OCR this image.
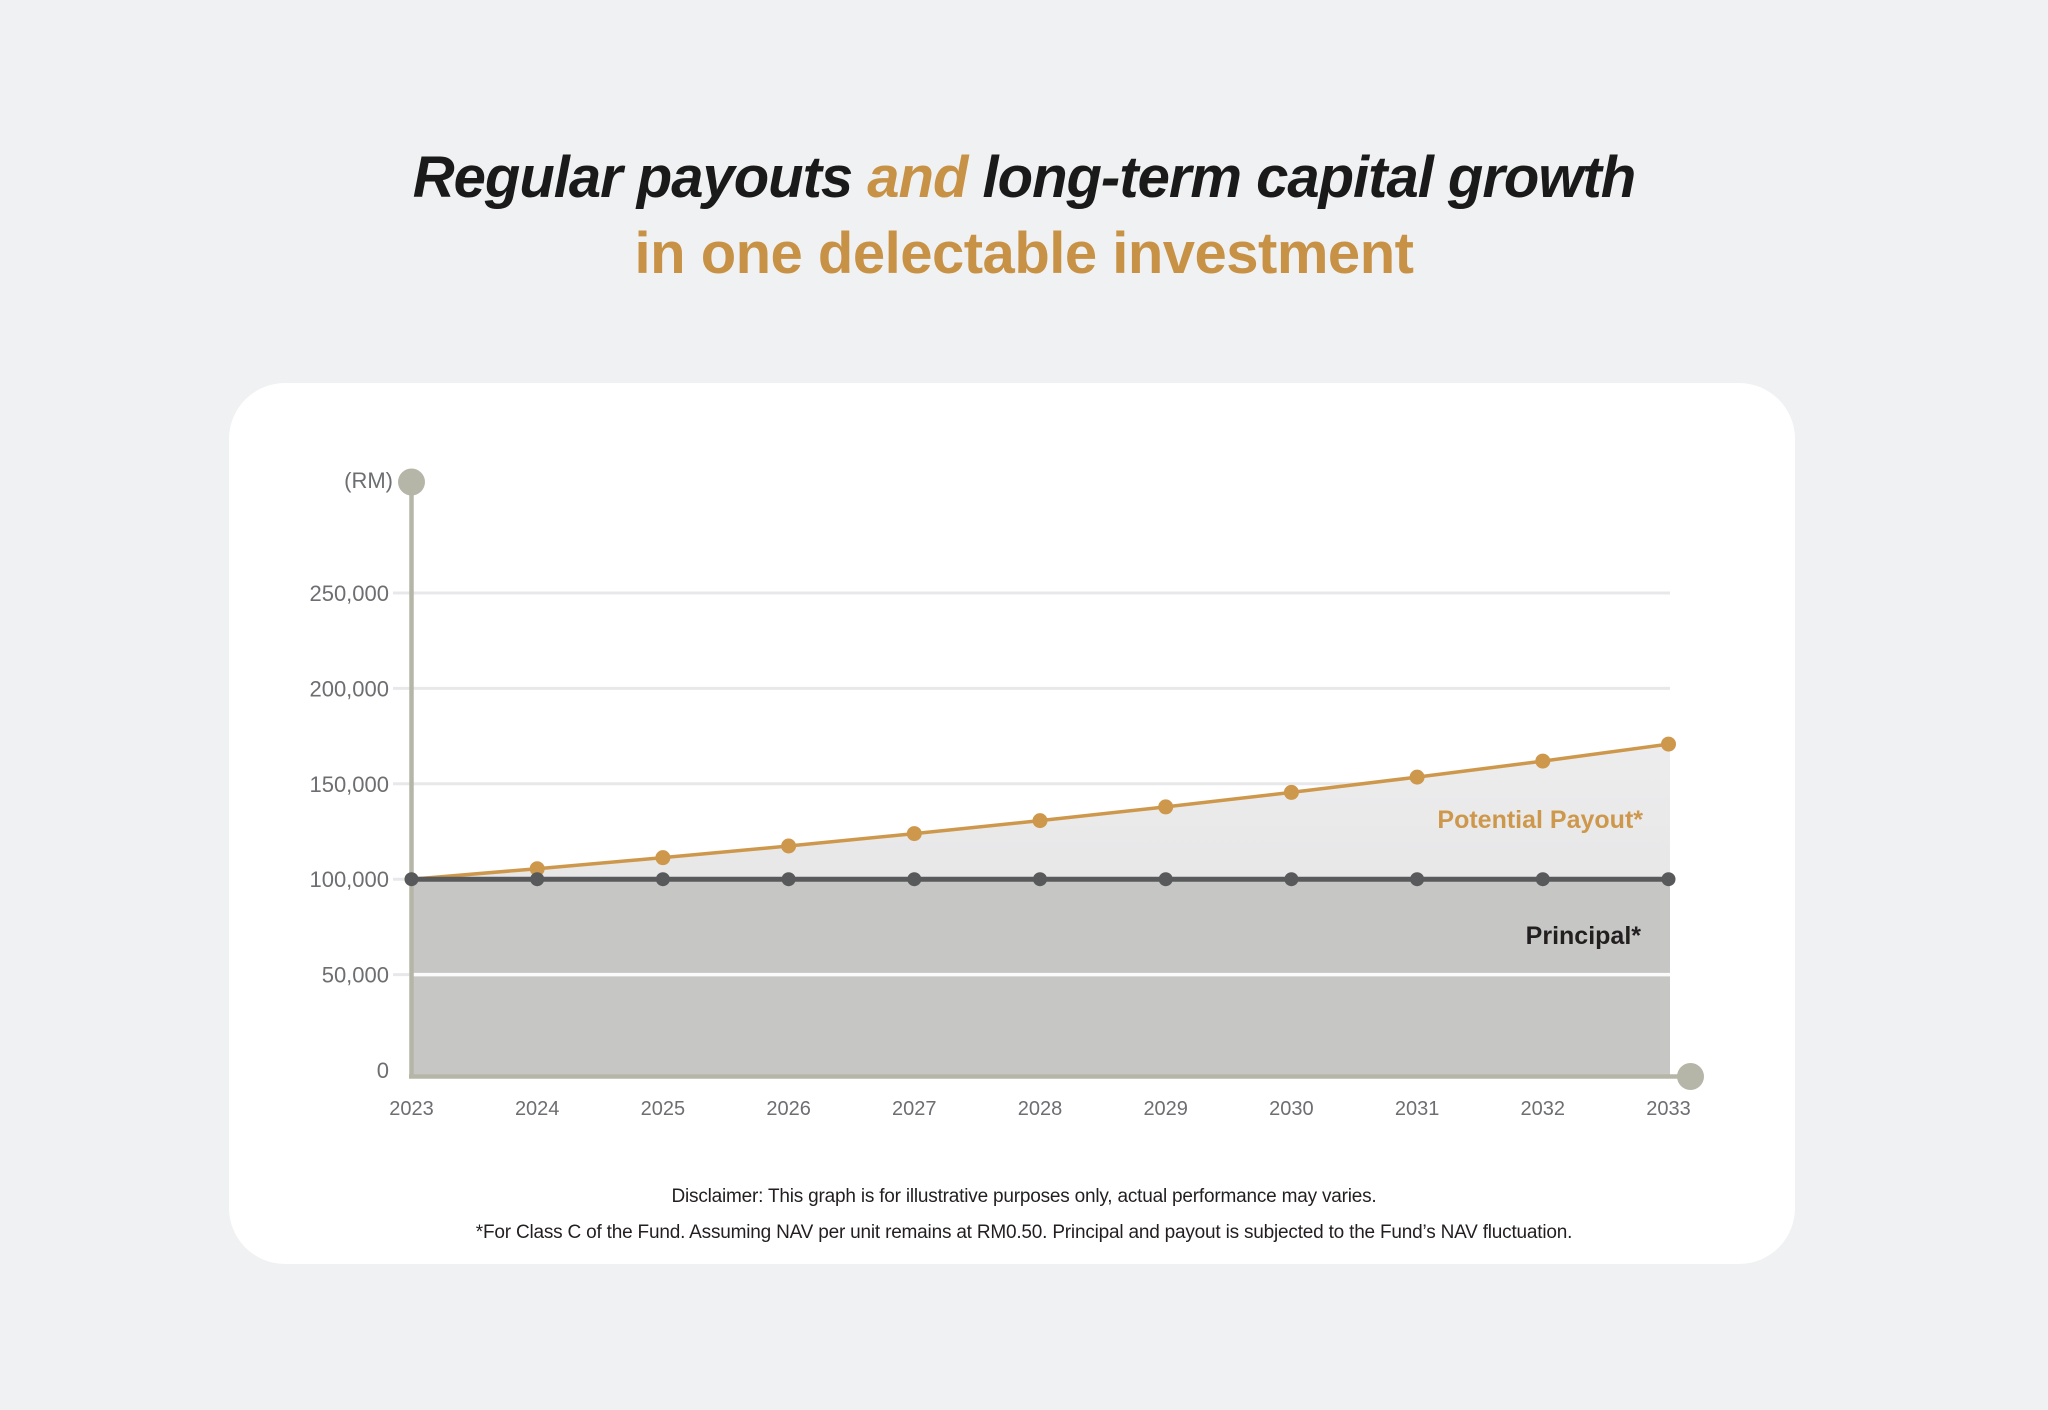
Regular payouts and long-term capital growth
in one delectable investment
0
50,000
100,000
150,000
200,000
250,000
2023	2024	2025	2026	2027	2028	2029	2030	2031	2032	2033
(RM)
Potential Payout*
Principal*
Disclaimer: This graph is for illustrative purposes only, actual performance may varies.
*For Class C of the Fund. Assuming NAV per unit remains at RM0.50. Principal and payout is subjected to the Fund’s NAV fluctuation.
